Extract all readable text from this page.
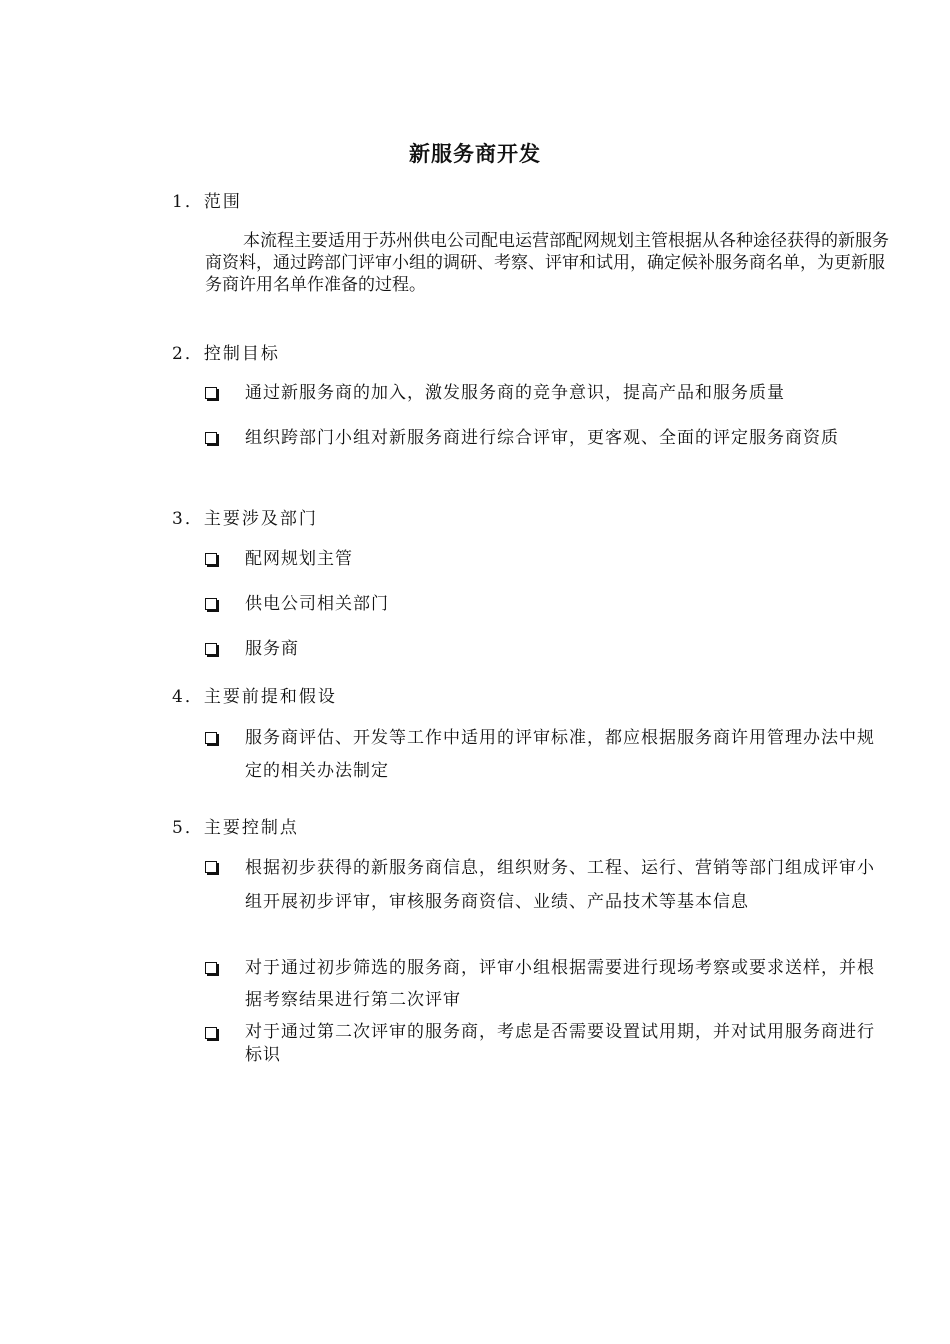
新服务商开发
1．范围
本流程主要适用于苏州供电公司配电运营部配网规划主管根据从各种途径获得的新服务商资料，通过跨部门评审小组的调研、考察、评审和试用，确定候补服务商名单，为更新服务商许用名单作准备的过程。
2．控制目标
通过新服务商的加入，激发服务商的竞争意识，提高产品和服务质量
组织跨部门小组对新服务商进行综合评审，更客观、全面的评定服务商资质
3．主要涉及部门
配网规划主管
供电公司相关部门
服务商
4．主要前提和假设
服务商评估、开发等工作中适用的评审标准，都应根据服务商许用管理办法中规定的相关办法制定
5．主要控制点
根据初步获得的新服务商信息，组织财务、工程、运行、营销等部门组成评审小组开展初步评审，审核服务商资信、业绩、产品技术等基本信息
对于通过初步筛选的服务商，评审小组根据需要进行现场考察或要求送样，并根据考察结果进行第二次评审
对于通过第二次评审的服务商，考虑是否需要设置试用期，并对试用服务商进行标识
